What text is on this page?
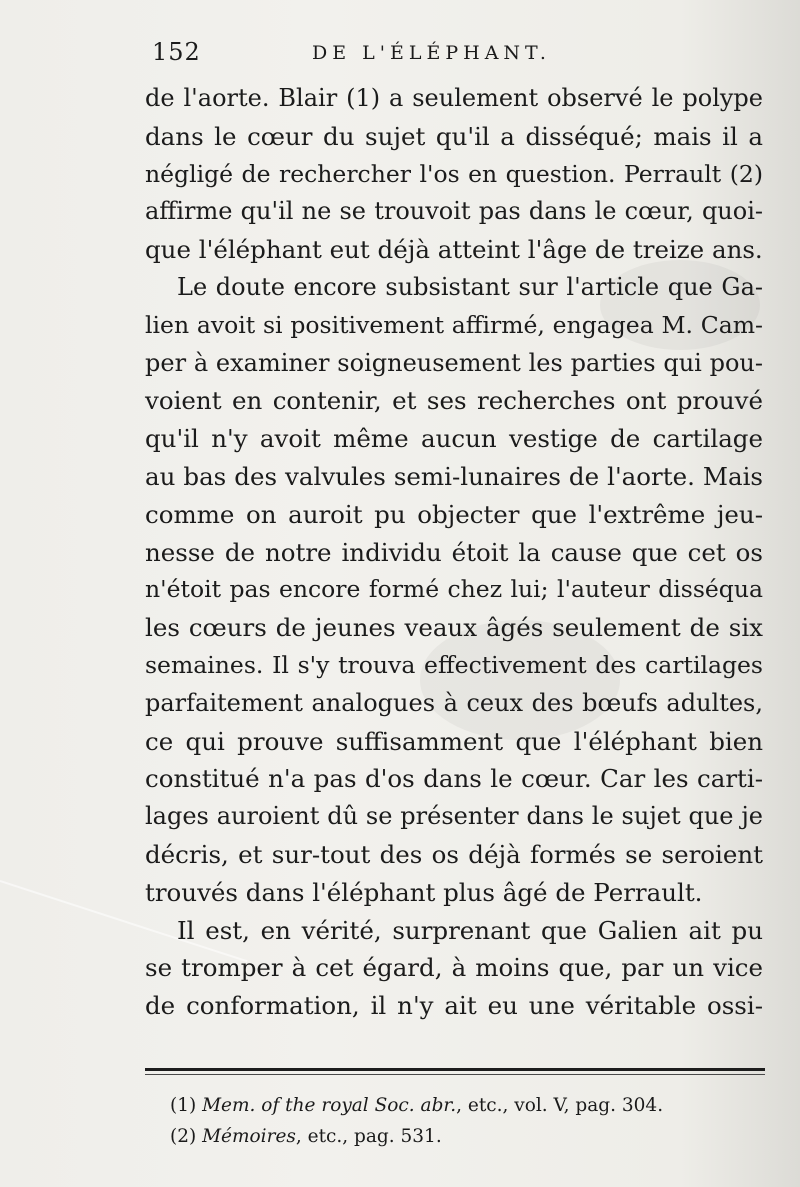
152	DE L'ÉLÉPHANT.
de l'aorte. Blair (1) a seulement observé le polype
dans le cœur du sujet qu'il a disséqué; mais il a
négligé de rechercher l'os en question. Perrault (2)
affirme qu'il ne se trouvoit pas dans le cœur, quoi-
que l'éléphant eut déjà atteint l'âge de treize ans.
Le doute encore subsistant sur l'article que Ga-
lien avoit si positivement affirmé, engagea M. Cam-
per à examiner soigneusement les parties qui pou-
voient en contenir, et ses recherches ont prouvé
qu'il n'y avoit même aucun vestige de cartilage
au bas des valvules semi-lunaires de l'aorte. Mais
comme on auroit pu objecter que l'extrême jeu-
nesse de notre individu étoit la cause que cet os
n'étoit pas encore formé chez lui; l'auteur disséqua
les cœurs de jeunes veaux âgés seulement de six
semaines. Il s'y trouva effectivement des cartilages
parfaitement analogues à ceux des bœufs adultes,
ce qui prouve suffisamment que l'éléphant bien
constitué n'a pas d'os dans le cœur. Car les carti-
lages auroient dû se présenter dans le sujet que je
décris, et sur-tout des os déjà formés se seroient
trouvés dans l'éléphant plus âgé de Perrault.
Il est, en vérité, surprenant que Galien ait pu
se tromper à cet égard, à moins que, par un vice
de conformation, il n'y ait eu une véritable ossi-
(1) Mem. of the royal Soc. abr., etc., vol. V, pag. 304.
(2) Mémoires, etc., pag. 531.
